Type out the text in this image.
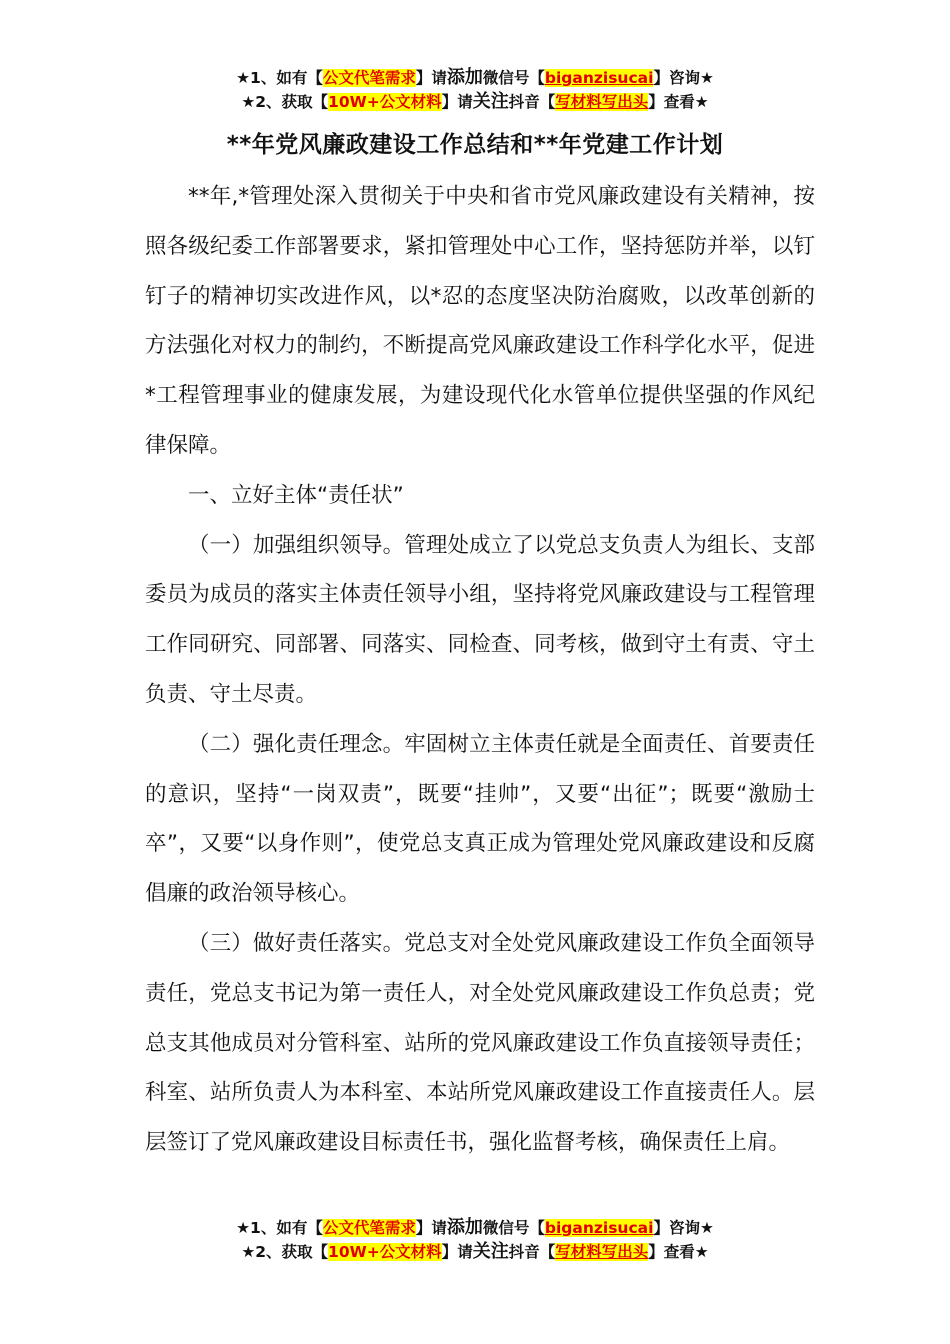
★1、如有【公文代笔需求】请添加微信号【biganzisucai】咨询★
★2、获取【10W+公文材料】请关注抖音【写材料写出头】查看★
**年党风廉政建设工作总结和**年党建工作计划

**年,*管理处深入贯彻关于中央和省市党风廉政建设有关精神，按照各级纪委工作部署要求，紧扣管理处中心工作，坚持惩防并举，以钉钉子的精神切实改进作风，以*忍的态度坚决防治腐败，以改革创新的方法强化对权力的制约，不断提高党风廉政建设工作科学化水平，促进*工程管理事业的健康发展，为建设现代化水管单位提供坚强的作风纪律保障。

一、立好主体“责任状”

（一）加强组织领导。管理处成立了以党总支负责人为组长、支部委员为成员的落实主体责任领导小组，坚持将党风廉政建设与工程管理工作同研究、同部署、同落实、同检查、同考核，做到守土有责、守土负责、守土尽责。

（二）强化责任理念。牢固树立主体责任就是全面责任、首要责任的意识，坚持“一岗双责”，既要“挂帅”，又要“出征”；既要“激励士卒”，又要“以身作则”，使党总支真正成为管理处党风廉政建设和反腐倡廉的政治领导核心。

（三）做好责任落实。党总支对全处党风廉政建设工作负全面领导责任，党总支书记为第一责任人，对全处党风廉政建设工作负总责；党总支其他成员对分管科室、站所的党风廉政建设工作负直接领导责任；科室、站所负责人为本科室、本站所党风廉政建设工作直接责任人。层层签订了党风廉政建设目标责任书，强化监督考核，确保责任上肩。

★1、如有【公文代笔需求】请添加微信号【biganzisucai】咨询★
★2、获取【10W+公文材料】请关注抖音【写材料写出头】查看★
